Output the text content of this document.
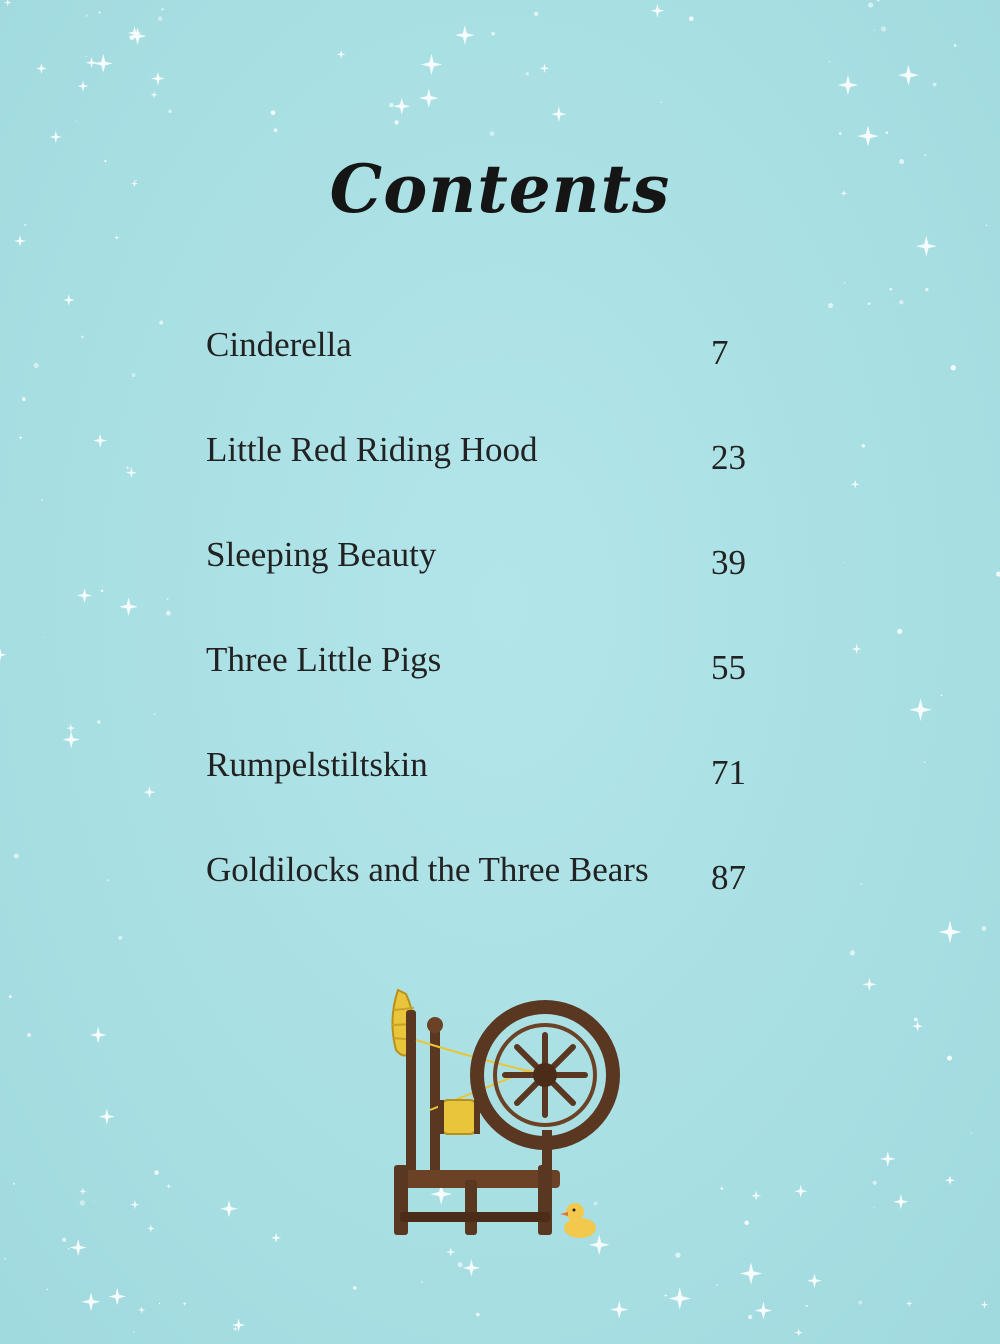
Contents
Cinderella	7
Little Red Riding Hood	23
Sleeping Beauty	39
Three Little Pigs	55
Rumpelstiltskin	71
Goldilocks and the Three Bears 87
